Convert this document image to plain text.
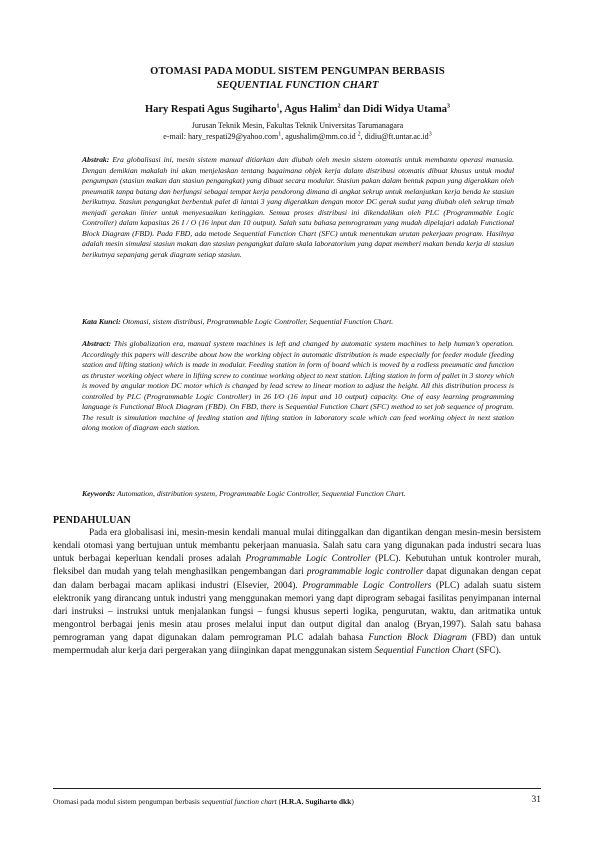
OTOMASI PADA MODUL SISTEM PENGUMPAN BERBASIS
SEQUENTIAL FUNCTION CHART
Hary Respati Agus Sugiharto$^1$, Agus Halim$^2$ dan Didi Widya Utama$^3$
Jurusan Teknik Mesin, Fakultas Teknik Universitas Tarumanagara
e-mail: hary_respati29@yahoo.com$^1$, agushalim@mm.co.id $^2$, $didiu@ft.untar.ac.id^3$

Abstrak: Era globalisasi ini, mesin sistem manual ditiarkan dan diubah oleh mesin sistem otomatis untuk membantu operasi manusia. Dengan demikian makalah ini akan menjelaskan tentang bagaimana objek kerja dalam distribusi otomatis dibuat khusus untuk modul pengumpan (stasiun makan dan stasiun pengangkat) yang dibuat secara modular. Stasiun pakan dalam bentuk papan yang digerakkan oleh pneumatik tanpa batang dan berfungsi sebagai tempat kerja pendorong dimana di angkat sekrup untuk melanjutkan kerja benda ke stasiun berikutnya. Stasiun pengangkat berbentuk palet di lantai 3 yang digerakkan dengan motor DC gerak sudut yang diubah oleh sekrup timah menjadi gerakan linier untuk menyesuaikan ketinggian. Semua proses distribusi ini dikendalikan oleh PLC (Programmable Logic Controller) dalam kapasitas 26 I / O (16 input dan 10 output). Salah satu bahasa pemrograman yang mudah dipelajari adalah Functional Block Diagram (FBD). Pada FBD, ada metode Sequential Function Chart (SFC) untuk menentukan urutan pekerjaan program. Hasilnya adalah mesin simulasi stasiun makan dan stasiun pengangkat dalam skala laboratorium yang dapat memberi makan benda kerja di stasiun berikutnya sepanjang gerak diagram setiap stasiun.

Kata Kunci: Otomasi, sistem distribusi, Programmable Logic Controller, Sequential Function Chart.

Abstract: This globalization era, manual system machines is left and changed by automatic system machines to help human’s operation. Accordingly this papers will describe about how the working object in automatic distribution is made especially for feeder module (feeding station and lifting station) which is made in modular. Feeding station in form of board which is moved by a rodless pneumatic and function as thruster working object where in lifting screw to continue working object to next station. Lifting station in form of pallet in 3 storey which is moved by angular motion DC motor which is changed by lead screw to linear motion to adjust the height. All this distribution process is controlled by PLC (Programmable Logic Controller) in 26 I/O (16 input and 10 output) capacity. One of easy learning programming language is Functional Block Diagram (FBD). On FBD, there is Sequential Function Chart (SFC) method to set job sequence of program. The result is simulation machine of feeding station and lifting station in laboratory scale which can feed working object in next station along motion of diagram each station.

Keywords: Automation, distribution system, Programmable Logic Controller, Sequential Function Chart.

PENDAHULUAN

Pada era globalisasi ini, mesin-mesin kendali manual mulai ditinggalkan dan digantikan dengan mesin-mesin bersistem kendali otomasi yang bertujuan untuk membantu pekerjaan manuasia. Salah satu cara yang digunakan pada industri secara luas untuk berbagai keperluan kendali proses adalah Programmable Logic Controller (PLC). Kebutuhan untuk kontroler murah, fleksibel dan mudah yang telah menghasilkan pengembangan dari programmable logic controller dapat digunakan dengan cepat dan dalam berbagai macam aplikasi industri (Elsevier, 2004). Programmable Logic Controllers (PLC) adalah suatu sistem elektronik yang dirancang untuk industri yang menggunakan memori yang dapt diprogram sebagai fasilitas penyimpanan internal dari instruksi – instruksi untuk menjalankan fungsi – fungsi khusus seperti logika, pengurutan, waktu, dan aritmatika untuk mengontrol berbagai jenis mesin atau proses melalui input dan output digital dan analog (Bryan,1997). Salah satu bahasa pemrograman yang dapat digunakan dalam pemrograman PLC adalah bahasa Function Block Diagram (FBD) dan untuk mempermudah alur kerja dari pergerakan yang diinginkan dapat menggunakan sistem Sequential Function Chart (SFC).

Otomasi pada modul sistem pengumpan berbasis sequential function chart (H.R.A. Sugiharto dkk)	31
